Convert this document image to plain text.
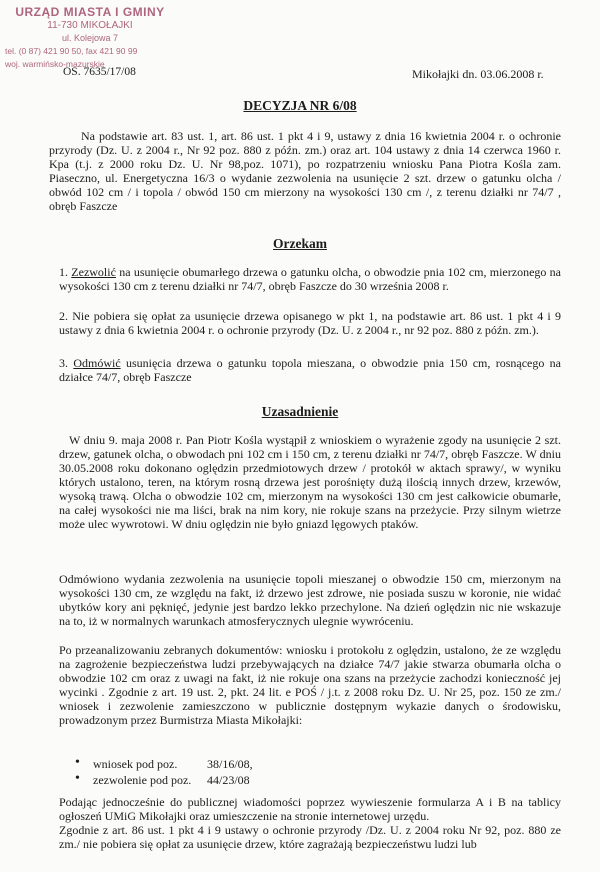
URZĄD MIASTA I GMINY
11-730 MIKOŁAJKI
ul. Kolejowa 7
tel. (0 87) 421 90 50, fax 421 90 99
woj. warmińsko-mazurskie
OS. 7635/17/08	Mikołajki dn. 03.06.2008 r.
DECYZJA NR 6/08

Na podstawie art. 83 ust. 1, art. 86 ust. 1 pkt 4 i 9, ustawy z dnia 16 kwietnia 2004 r. o ochronie przyrody (Dz. U. z 2004 r., Nr 92 poz. 880 z późn. zm.) oraz art. 104 ustawy z dnia 14 czerwca 1960 r. Kpa (t.j. z 2000 roku Dz. U. Nr 98,poz. 1071), po rozpatrzeniu wniosku Pana Piotra Kośla zam. Piaseczno, ul. Energetyczna 16/3 o wydanie zezwolenia na usunięcie 2 szt. drzew o gatunku olcha / obwód 102 cm / i topola / obwód 150 cm mierzony na wysokości 130 cm /, z terenu działki nr 74/7 , obręb Faszcze

Orzekam

1. Zezwolić na usunięcie obumarłego drzewa o gatunku olcha, o obwodzie pnia 102 cm, mierzonego na wysokości 130 cm z terenu działki nr 74/7, obręb Faszcze do 30 września 2008 r.

2. Nie pobiera się opłat za usunięcie drzewa opisanego w pkt 1, na podstawie art. 86 ust. 1 pkt 4 i 9 ustawy z dnia 6 kwietnia 2004 r. o ochronie przyrody (Dz. U. z 2004 r., nr 92 poz. 880 z późn. zm.).

3. Odmówić usunięcia drzewa o gatunku topola mieszana, o obwodzie pnia 150 cm, rosnącego na działce 74/7, obręb Faszcze

Uzasadnienie

W dniu 9. maja 2008 r. Pan Piotr Kośla wystąpił z wnioskiem o wyrażenie zgody na usunięcie 2 szt. drzew, gatunek olcha, o obwodach pni 102 cm i 150 cm, z terenu działki nr 74/7, obręb Faszcze. W dniu 30.05.2008 roku dokonano oględzin przedmiotowych drzew / protokół w aktach sprawy/, w wyniku których ustalono, teren, na którym rosną drzewa jest porośnięty dużą ilością innych drzew, krzewów, wysoką trawą. Olcha o obwodzie 102 cm, mierzonym na wysokości 130 cm jest całkowicie obumarłe, na całej wysokości nie ma liści, brak na nim kory, nie rokuje szans na przeżycie. Przy silnym wietrze może ulec wywrotowi. W dniu oględzin nie było gniazd lęgowych ptaków.

Odmówiono wydania zezwolenia na usunięcie topoli mieszanej o obwodzie 150 cm, mierzonym na wysokości 130 cm, ze względu na fakt, iż drzewo jest zdrowe, nie posiada suszu w koronie, nie widać ubytków kory ani pęknięć, jedynie jest bardzo lekko przechylone. Na dzień oględzin nic nie wskazuje na to, iż w normalnych warunkach atmosferycznych ulegnie wywróceniu.

Po przeanalizowaniu zebranych dokumentów: wniosku i protokołu z oględzin, ustalono, że ze względu na zagrożenie bezpieczeństwa ludzi przebywających na działce 74/7 jakie stwarza obumarła olcha o obwodzie 102 cm oraz z uwagi na fakt, iż nie rokuje ona szans na przeżycie zachodzi konieczność jej wycinki . Zgodnie z art. 19 ust. 2, pkt. 24 lit. e POŚ / j.t. z 2008 roku Dz. U. Nr 25, poz. 150 ze zm./ wniosek i zezwolenie zamieszczono w publicznie dostępnym wykazie danych o środowisku, prowadzonym przez Burmistrza Miasta Mikołajki:

• wniosek pod poz. 38/16/08,
• zezwolenie pod poz. 44/23/08

Podając jednocześnie do publicznej wiadomości poprzez wywieszenie formularza A i B na tablicy ogłoszeń UMiG Mikołajki oraz umieszczenie na stronie internetowej urzędu.

Zgodnie z art. 86 ust. 1 pkt 4 i 9 ustawy o ochronie przyrody /Dz. U. z 2004 roku Nr 92, poz. 880 ze zm./ nie pobiera się opłat za usunięcie drzew, które zagrażają bezpieczeństwu ludzi lub
